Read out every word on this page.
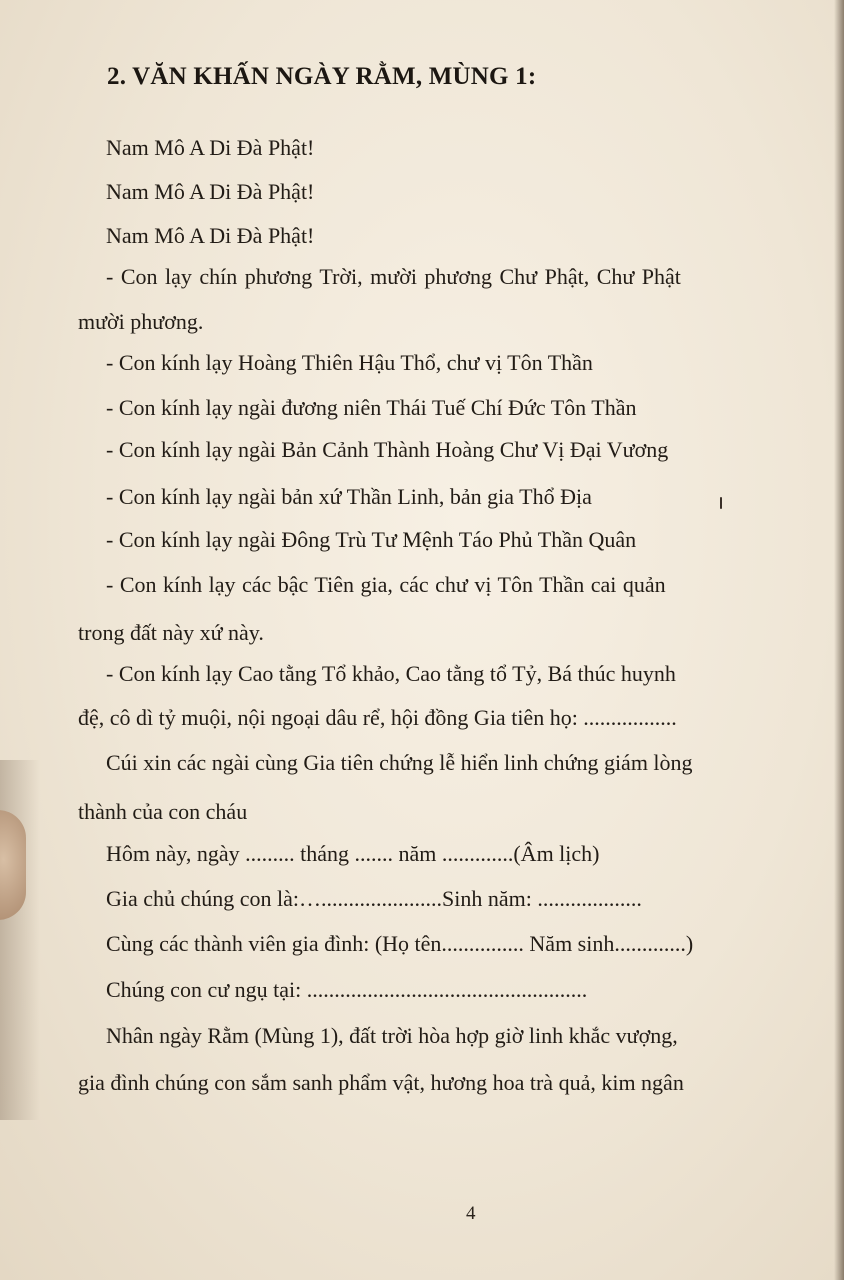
2. VĂN KHẤN NGÀY RẰM, MÙNG 1:
Nam Mô A Di Đà Phật!
Nam Mô A Di Đà Phật!
Nam Mô A Di Đà Phật!
- Con lạy chín phương Trời, mười phương Chư Phật, Chư Phật
mười phương.
- Con kính lạy Hoàng Thiên Hậu Thổ, chư vị Tôn Thần
- Con kính lạy ngài đương niên Thái Tuế Chí Đức Tôn Thần
- Con kính lạy ngài Bản Cảnh Thành Hoàng Chư Vị Đại Vương
- Con kính lạy ngài bản xứ Thần Linh, bản gia Thổ Địa
- Con kính lạy ngài Đông Trù Tư Mệnh Táo Phủ Thần Quân
- Con kính lạy các bậc Tiên gia, các chư vị Tôn Thần cai quản
trong đất này xứ này.
- Con kính lạy Cao tằng Tổ khảo, Cao tằng tổ Tỷ, Bá thúc huynh
đệ, cô dì tỷ muội, nội ngoại dâu rể, hội đồng Gia tiên họ: .................
Cúi xin các ngài cùng Gia tiên chứng lễ hiển linh chứng giám lòng
thành của con cháu
Hôm này, ngày ......... tháng ....... năm .............(Âm lịch)
Gia chủ chúng con là:…......................Sinh năm: ...................
Cùng các thành viên gia đình: (Họ tên............... Năm sinh.............)
Chúng con cư ngụ tại: ...................................................
Nhân ngày Rằm (Mùng 1), đất trời hòa hợp giờ linh khắc vượng,
gia đình chúng con sắm sanh phẩm vật, hương hoa trà quả, kim ngân
4
